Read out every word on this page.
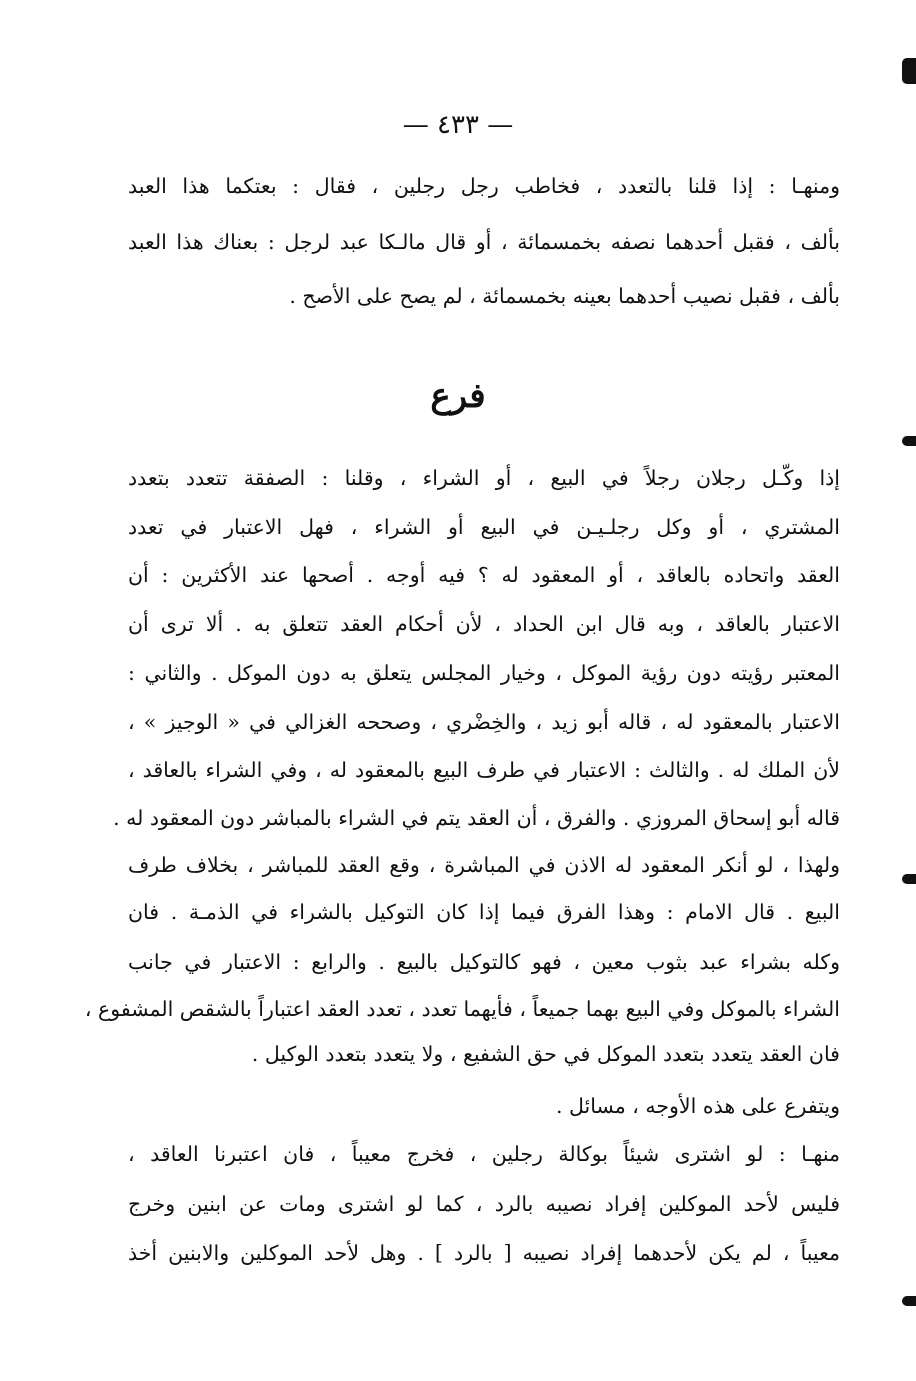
— ٤٣٣ —
ومنهـا : إذا قلنا بالتعدد ، فخاطب رجل رجلين ، فقال : بعتكما هذا العبد
بألف ، فقبل أحدهما نصفه بخمسمائة ، أو قال مالـكا عبد لرجل : بعناك هذا العبد
بألف ، فقبل نصيب أحدهما بعينه بخمسمائة ، لم يصح على الأصح .
فرع
إذا وكّـل رجلان رجلاً في البيع ، أو الشراء ، وقلنا : الصفقة تتعدد بتعدد
المشتري ، أو وكل رجلـيـن في البيع أو الشراء ، فهل الاعتبار في تعدد
العقد واتحاده بالعاقد ، أو المعقود له ؟ فيه أوجه . أصحها عند الأكثرين : أن
الاعتبار بالعاقد ، وبه قال ابن الحداد ، لأن أحكام العقد تتعلق به . ألا ترى أن
المعتبر رؤيته دون رؤية الموكل ، وخيار المجلس يتعلق به دون الموكل . والثاني :
الاعتبار بالمعقود له ، قاله أبو زيد ، والخِضْري ، وصححه الغزالي في « الوجيز » ،
لأن الملك له . والثالث : الاعتبار في طرف البيع بالمعقود له ، وفي الشراء بالعاقد ،
قاله أبو إسحاق المروزي . والفرق ، أن العقد يتم في الشراء بالمباشر دون المعقود له .
ولهذا ، لو أنكر المعقود له الاذن في المباشرة ، وقع العقد للمباشر ، بخلاف طرف
البيع . قال الامام : وهذا الفرق فيما إذا كان التوكيل بالشراء في الذمـة . فان
وكله بشراء عبد بثوب معين ، فهو كالتوكيل بالبيع . والرابع : الاعتبار في جانب
الشراء بالموكل وفي البيع بهما جميعاً ، فأيهما تعدد ، تعدد العقد اعتباراً بالشقص المشفوع ،
فان العقد يتعدد بتعدد الموكل في حق الشفيع ، ولا يتعدد بتعدد الوكيل .
ويتفرع على هذه الأوجه ، مسائل .
منهـا : لو اشترى شيئاً بوكالة رجلين ، فخرج معيباً ، فان اعتبرنا العاقد ،
فليس لأحد الموكلين إفراد نصيبه بالرد ، كما لو اشترى ومات عن ابنين وخرج
معيباً ، لم يكن لأحدهما إفراد نصيبه [ بالرد ] . وهل لأحد الموكلين والابنين أخذ
